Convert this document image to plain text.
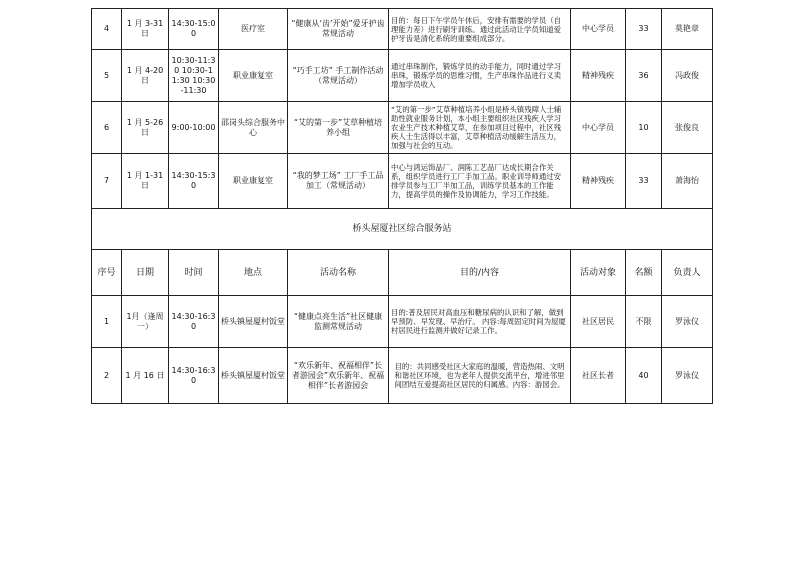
4	1 月 3-31 日	14:30-15:00	医疗室	“健康从‘齿’开始”爱牙护齿常规活动	目的：每日下午学员午休后，安排有需要的学员（自理能力差）进行刷牙训练。通过此活动让学员知道爱护牙齿是清化系统的重要组成部分。	中心学员	33	莫艳章
5	1 月 4-20 日	10:30-11:30 10:30-11:30 10:30-11:30	职业康复室	“巧手工坊” 手工制作活动（常规活动）	通过串珠制作，锻炼学员的动手能力，同时通过学习串珠，锻炼学员的思维习惯，生产串珠作品进行义卖增加学员收入	精神残疾	36	冯政俊
6	1 月 5-26 日	9:00-10:00	邵岗头综合服务中心	“艾的第一步”艾草种植培养小组	“艾的第一步”艾草种植培养小组是桥头镇残障人士辅助性就业服务计划，本小组主要组织社区残疾人学习农业生产技术种植艾草，在参加项目过程中，社区残疾人士生活得以丰富，艾草种植活动缓解生活压力，加强与社会的互动。	中心学员	10	张俊良
7	1 月 1-31 日	14:30-15:30	职业康复室	“我的梦工场” 工厂手工品加工（常规活动）	中心与鸿运饰品厂、润陈工艺品厂达成长期合作关系，组织学员进行工厂手加工品。职业训导师通过安排学员参与工厂半加工品，训练学员基本的工作能力，提高学员的操作及协调能力，学习工作技能。	精神残疾	33	萧海怡
桥头屋厦社区综合服务站								
序号	日期	时间	地点	活动名称	目的/内容	活动对象	名额	负责人
1	1月（逢周一）	14:30-16:30	桥头镇屋厦村饭堂	“健康点亮生活”社区健康监测常规活动	目的:普及居民对高血压和糖尿病的认识和了解，做到早预防、早发现、早治疗。 内容:每周固定时间为屋厦村居民进行监测并做好记录工作。	社区居民	不限	罗泳仪
2	1 月 16 日	14:30-16:30	桥头镇屋厦村饭堂	“欢乐新年、祝福相伴”长者游园会”欢乐新年、祝福相伴”长者游园会	目的：共同感受社区大家庭的温暖，营造热闹、文明和谐社区环境，也为老年人提供交流平台，增进邻里间团结互爱提高社区居民的归属感。内容：游园会。	社区长者	40	罗泳仪
